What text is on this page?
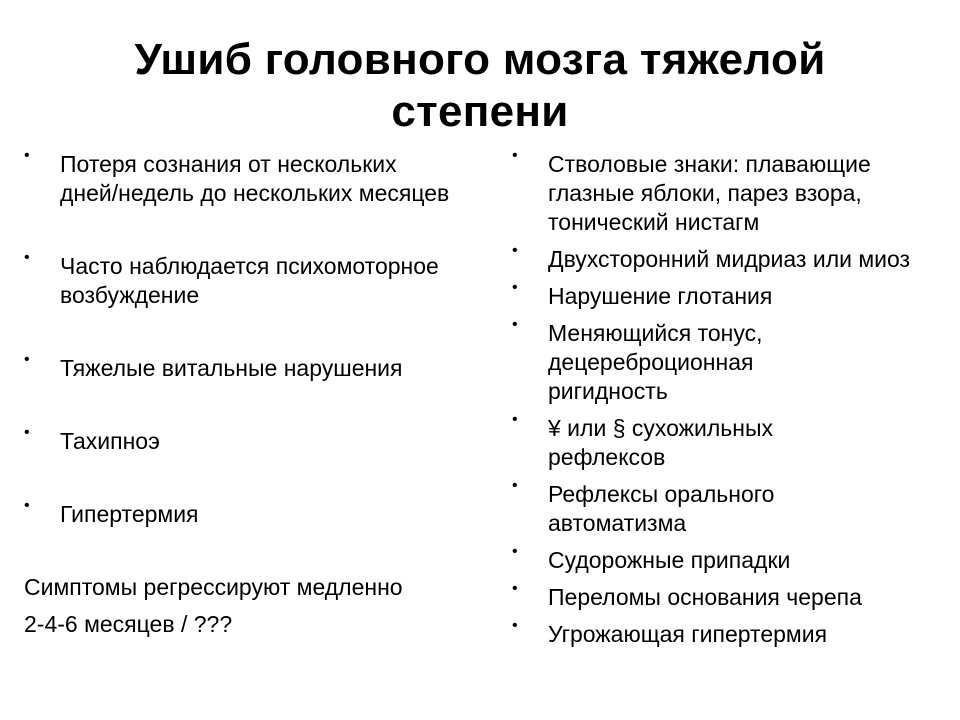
Ушиб головного мозга тяжелой
степени
• Потеря сознания от нескольких дней/недель до нескольких месяцев
• Часто наблюдается психомоторное возбуждение
• Тяжелые витальные нарушения
• Тахипноэ
• Гипертермия
Симптомы регрессируют медленно
2-4-6 месяцев / ???
• Стволовые знаки: плавающие глазные яблоки, парез взора, тонический нистагм
• Двухсторонний мидриаз или миоз
• Нарушение глотания
• Меняющийся тонус, децереброционная ригидность
• ¥ или § сухожильных рефлексов
• Рефлексы орального автоматизма
• Судорожные припадки
• Переломы основания черепа
• Угрожающая гипертермия
